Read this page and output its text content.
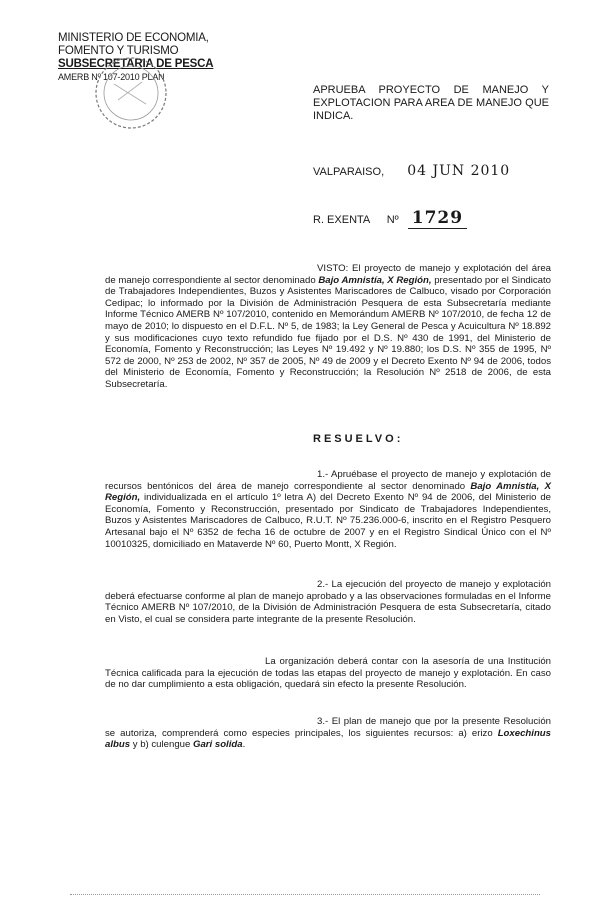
MINISTERIO DE ECONOMIA,
FOMENTO Y TURISMO
SUBSECRETARIA DE PESCA
AMERB Nº 107-2010 PLAN
APRUEBA PROYECTO DE MANEJO Y EXPLOTACION PARA AREA DE MANEJO QUE INDICA.
VALPARAISO, 04 JUN 2010
R. EXENTA Nº 1729
VISTO: El proyecto de manejo y explotación del área de manejo correspondiente al sector denominado Bajo Amnistía, X Región, presentado por el Sindicato de Trabajadores Independientes, Buzos y Asistentes Mariscadores de Calbuco, visado por Corporación Cedipac; lo informado por la División de Administración Pesquera de esta Subsecretaría mediante Informe Técnico AMERB Nº 107/2010, contenido en Memorándum AMERB Nº 107/2010, de fecha 12 de mayo de 2010; lo dispuesto en el D.F.L. Nº 5, de 1983; la Ley General de Pesca y Acuicultura Nº 18.892 y sus modificaciones cuyo texto refundido fue fijado por el D.S. Nº 430 de 1991, del Ministerio de Economía, Fomento y Reconstrucción; las Leyes Nº 19.492 y Nº 19.880; los D.S. Nº 355 de 1995, Nº 572 de 2000, Nº 253 de 2002, Nº 357 de 2005, Nº 49 de 2009 y el Decreto Exento Nº 94 de 2006, todos del Ministerio de Economía, Fomento y Reconstrucción; la Resolución Nº 2518 de 2006, de esta Subsecretaría.
RESUELVO:
1.- Apruébase el proyecto de manejo y explotación de recursos bentónicos del área de manejo correspondiente al sector denominado Bajo Amnistía, X Región, individualizada en el artículo 1º letra A) del Decreto Exento Nº 94 de 2006, del Ministerio de Economía, Fomento y Reconstrucción, presentado por Sindicato de Trabajadores Independientes, Buzos y Asistentes Mariscadores de Calbuco, R.U.T. Nº 75.236.000-6, inscrito en el Registro Pesquero Artesanal bajo el Nº 6352 de fecha 16 de octubre de 2007 y en el Registro Sindical Único con el Nº 10010325, domiciliado en Mataverde Nº 60, Puerto Montt, X Región.
2.- La ejecución del proyecto de manejo y explotación deberá efectuarse conforme al plan de manejo aprobado y a las observaciones formuladas en el Informe Técnico AMERB Nº 107/2010, de la División de Administración Pesquera de esta Subsecretaría, citado en Visto, el cual se considera parte integrante de la presente Resolución.
La organización deberá contar con la asesoría de una Institución Técnica calificada para la ejecución de todas las etapas del proyecto de manejo y explotación. En caso de no dar cumplimiento a esta obligación, quedará sin efecto la presente Resolución.
3.- El plan de manejo que por la presente Resolución se autoriza, comprenderá como especies principales, los siguientes recursos: a) erizo Loxechinus albus y b) culengue Gari solida.
